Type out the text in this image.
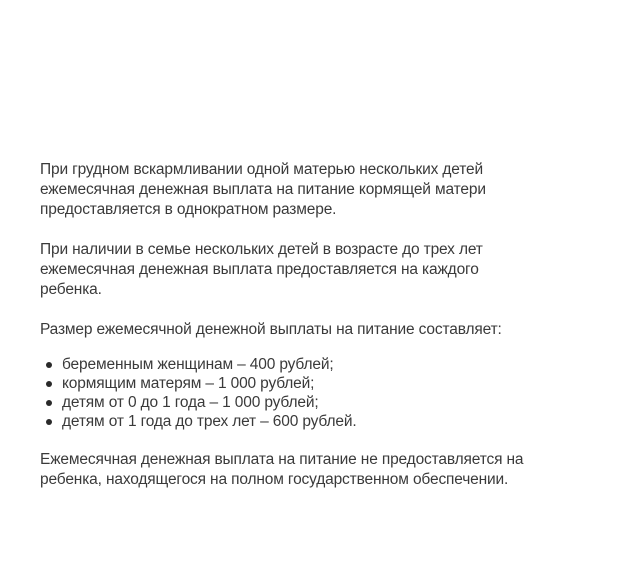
При грудном вскармливании одной матерью нескольких детей
ежемесячная денежная выплата на питание кормящей матери
предоставляется в однократном размере.

При наличии в семье нескольких детей в возрасте до трех лет
ежемесячная денежная выплата предоставляется на каждого
ребенка.

Размер ежемесячной денежной выплаты на питание составляет:

беременным женщинам – 400 рублей;
кормящим матерям – 1 000 рублей;
детям от 0 до 1 года – 1 000 рублей;
детям от 1 года до трех лет – 600 рублей.

Ежемесячная денежная выплата на питание не предоставляется на
ребенка, находящегося на полном государственном обеспечении.
